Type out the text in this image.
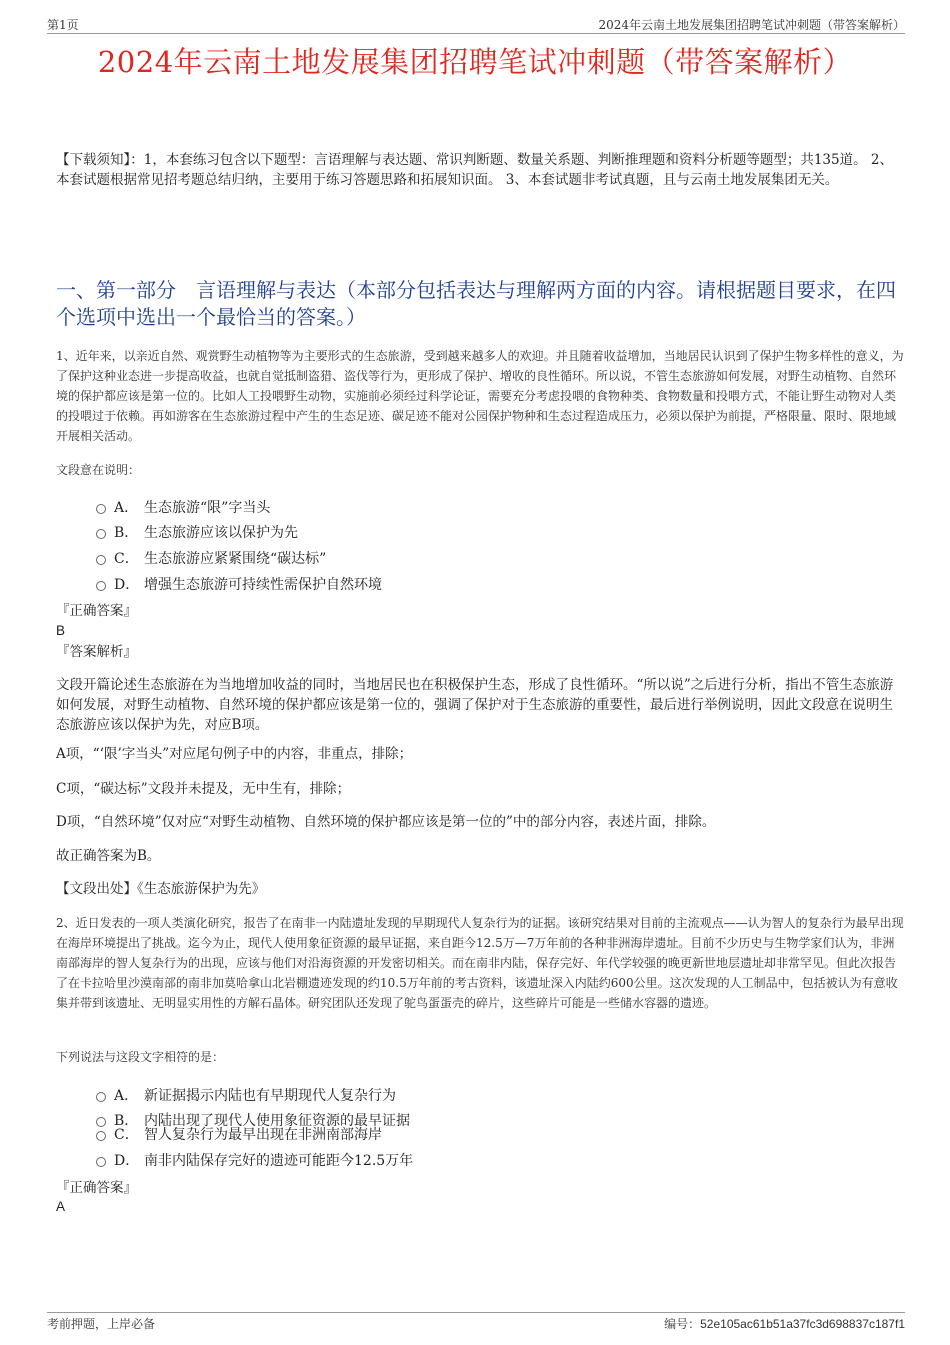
第1页	2024年云南土地发展集团招聘笔试冲刺题（带答案解析）
2024年云南土地发展集团招聘笔试冲刺题（带答案解析）
【下载须知】：1，本套练习包含以下题型：言语理解与表达题、常识判断题、数量关系题、判断推理题和资料分析题等题型；共135道。 2、本套试题根据常见招考题总结归纳，主要用于练习答题思路和拓展知识面。 3、本套试题非考试真题，且与云南土地发展集团无关。
一、第一部分　言语理解与表达（本部分包括表达与理解两方面的内容。请根据题目要求，在四个选项中选出一个最恰当的答案。）
1、近年来，以亲近自然、观赏野生动植物等为主要形式的生态旅游，受到越来越多人的欢迎。并且随着收益增加，当地居民认识到了保护生物多样性的意义，为了保护这种业态进一步提高收益，也就自觉抵制盗猎、盗伐等行为，更形成了保护、增收的良性循环。所以说，不管生态旅游如何发展，对野生动植物、自然环境的保护都应该是第一位的。比如人工投喂野生动物，实施前必须经过科学论证，需要充分考虑投喂的食物种类、食物数量和投喂方式，不能让野生动物对人类的投喂过于依赖。再如游客在生态旅游过程中产生的生态足迹、碳足迹不能对公园保护物种和生态过程造成压力，必须以保护为前提，严格限量、限时、限地域开展相关活动。
文段意在说明：
A． 生态旅游“限”字当头
B． 生态旅游应该以保护为先
C． 生态旅游应紧紧围绕“碳达标”
D． 增强生态旅游可持续性需保护自然环境
『正确答案』
B
『答案解析』
文段开篇论述生态旅游在为当地增加收益的同时，当地居民也在积极保护生态，形成了良性循环。“所以说”之后进行分析，指出不管生态旅游如何发展，对野生动植物、自然环境的保护都应该是第一位的，强调了保护对于生态旅游的重要性，最后进行举例说明，因此文段意在说明生态旅游应该以保护为先，对应B项。
A项，“‘限’字当头”对应尾句例子中的内容，非重点，排除；
C项，“碳达标”文段并未提及，无中生有，排除；
D项，“自然环境”仅对应“对野生动植物、自然环境的保护都应该是第一位的”中的部分内容，表述片面，排除。
故正确答案为B。
【文段出处】《生态旅游保护为先》
2、近日发表的一项人类演化研究，报告了在南非一内陆遗址发现的早期现代人复杂行为的证据。该研究结果对目前的主流观点——认为智人的复杂行为最早出现在海岸环境提出了挑战。迄今为止，现代人使用象征资源的最早证据，来自距今12.5万—7万年前的各种非洲海岸遗址。目前不少历史与生物学家们认为，非洲南部海岸的智人复杂行为的出现，应该与他们对沿海资源的开发密切相关。而在南非内陆，保存完好、年代学较强的晚更新世地层遗址却非常罕见。但此次报告了在卡拉哈里沙漠南部的南非加莫哈拿山北岩棚遗迹发现的约10.5万年前的考古资料，该遗址深入内陆约600公里。这次发现的人工制品中，包括被认为有意收集并带到该遗址、无明显实用性的方解石晶体。研究团队还发现了鸵鸟蛋蛋壳的碎片，这些碎片可能是一些储水容器的遗迹。
下列说法与这段文字相符的是：
A． 新证据揭示内陆也有早期现代人复杂行为
B． 内陆出现了现代人使用象征资源的最早证据
C． 智人复杂行为最早出现在非洲南部海岸
D． 南非内陆保存完好的遗迹可能距今12.5万年
『正确答案』
A
考前押题，上岸必备	编号：52e105ac61b51a37fc3d698837c187f1
